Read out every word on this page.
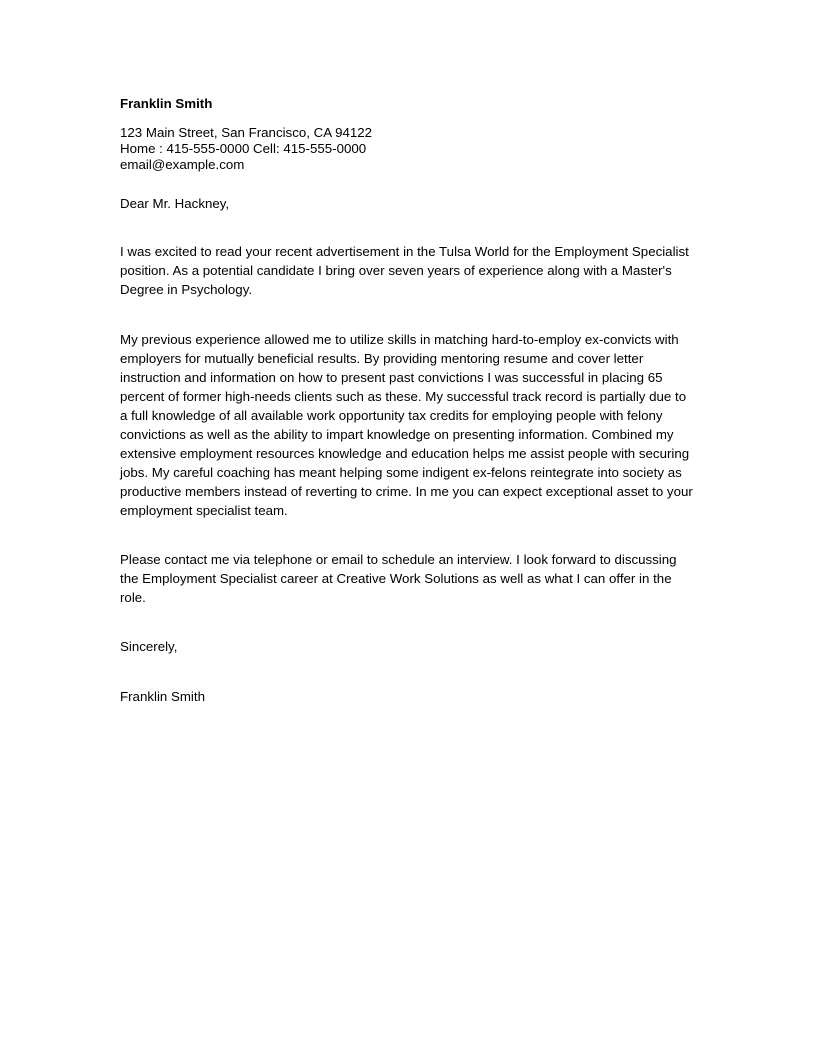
Franklin Smith

123 Main Street, San Francisco, CA 94122
Home : 415-555-0000 Cell: 415-555-0000
email@example.com

Dear Mr. Hackney,

I was excited to read your recent advertisement in the Tulsa World for the Employment Specialist
position. As a potential candidate I bring over seven years of experience along with a Master's
Degree in Psychology.
My previous experience allowed me to utilize skills in matching hard-to-employ ex-convicts with
employers for mutually beneficial results. By providing mentoring resume and cover letter
instruction and information on how to present past convictions I was successful in placing 65
percent of former high-needs clients such as these. My successful track record is partially due to
a full knowledge of all available work opportunity tax credits for employing people with felony
convictions as well as the ability to impart knowledge on presenting information. Combined my
extensive employment resources knowledge and education helps me assist people with securing
jobs. My careful coaching has meant helping some indigent ex-felons reintegrate into society as
productive members instead of reverting to crime. In me you can expect exceptional asset to your
employment specialist team.
Please contact me via telephone or email to schedule an interview. I look forward to discussing
the Employment Specialist career at Creative Work Solutions as well as what I can offer in the
role.

Sincerely,

Franklin Smith
